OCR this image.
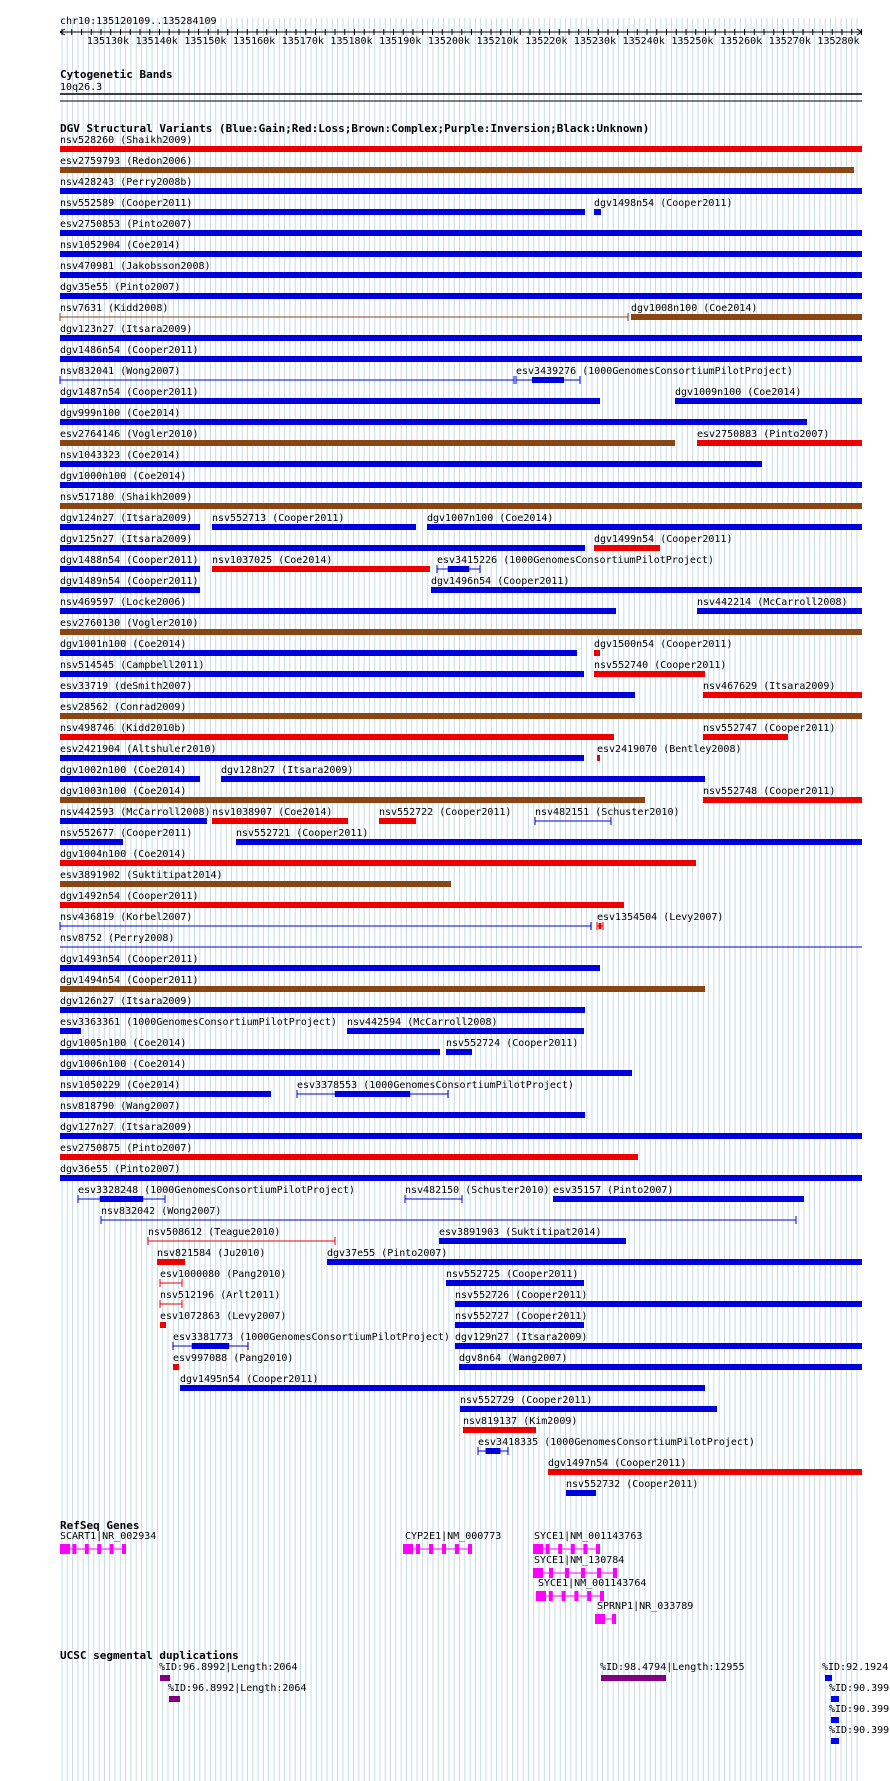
chr10:135120109..135284109
135130k 135140k 135150k 135160k 135170k 135180k 135190k 135200k 135210k 135220k 135230k 135240k 135250k 135260k 135270k 135280k
Cytogenetic Bands
10q26.3
DGV Structural Variants (Blue:Gain;Red:Loss;Brown:Complex;Purple:Inversion;Black:Unknown)
nsv528260 (Shaikh2009)
esv2759793 (Redon2006)
nsv428243 (Perry2008b)
nsv552589 (Cooper2011)	dgv1498n54 (Cooper2011)
esv2750853 (Pinto2007)
nsv1052904 (Coe2014)
nsv470981 (Jakobsson2008)
dgv35e55 (Pinto2007)
nsv7631 (Kidd2008)	dgv1008n100 (Coe2014)
dgv123n27 (Itsara2009)
dgv1486n54 (Cooper2011)
nsv832041 (Wong2007)	esv3439276 (1000GenomesConsortiumPilotProject)
dgv1487n54 (Cooper2011)	dgv1009n100 (Coe2014)
dgv999n100 (Coe2014)
esv2764146 (Vogler2010)	esv2750883 (Pinto2007)
nsv1043323 (Coe2014)
dgv1000n100 (Coe2014)
nsv517180 (Shaikh2009)
dgv124n27 (Itsara2009) nsv552713 (Cooper2011)	dgv1007n100 (Coe2014)
dgv125n27 (Itsara2009)	dgv1499n54 (Cooper2011)
dgv1488n54 (Cooper2011) nsv1037025 (Coe2014)	esv3415226 (1000GenomesConsortiumPilotProject)
dgv1489n54 (Cooper2011)	dgv1496n54 (Cooper2011)
nsv469597 (Locke2006)	nsv442214 (McCarroll2008)
esv2760130 (Vogler2010)
dgv1001n100 (Coe2014)	dgv1500n54 (Cooper2011)
nsv514545 (Campbell2011)	nsv552740 (Cooper2011)
esv33719 (deSmith2007)	nsv467629 (Itsara2009)
esv28562 (Conrad2009)
nsv498746 (Kidd2010b)	nsv552747 (Cooper2011)
esv2421904 (Altshuler2010)	esv2419070 (Bentley2008)
dgv1002n100 (Coe2014)	dgv128n27 (Itsara2009)
dgv1003n100 (Coe2014)	nsv552748 (Cooper2011)
nsv442593 (McCarroll2008) nsv1038907 (Coe2014)	nsv552722 (Cooper2011) nsv482151 (Schuster2010)
nsv552677 (Cooper2011)	nsv552721 (Cooper2011)
dgv1004n100 (Coe2014)
esv3891902 (Suktitipat2014)
dgv1492n54 (Cooper2011)
nsv436819 (Korbel2007)	esv1354504 (Levy2007)
nsv8752 (Perry2008)
dgv1493n54 (Cooper2011)
dgv1494n54 (Cooper2011)
dgv126n27 (Itsara2009)
esv3363361 (1000GenomesConsortiumPilotProject) nsv442594 (McCarroll2008)
dgv1005n100 (Coe2014)	nsv552724 (Cooper2011)
dgv1006n100 (Coe2014)
nsv1050229 (Coe2014)	esv3378553 (1000GenomesConsortiumPilotProject)
nsv818790 (Wang2007)
dgv127n27 (Itsara2009)
esv2750875 (Pinto2007)
dgv36e55 (Pinto2007)
esv3328248 (1000GenomesConsortiumPilotProject)	nsv482150 (Schuster2010) esv35157 (Pinto2007)
nsv832042 (Wong2007)
nsv508612 (Teague2010)	esv3891903 (Suktitipat2014)
nsv821584 (Ju2010)	dgv37e55 (Pinto2007)
esv1000080 (Pang2010)	nsv552725 (Cooper2011)
nsv512196 (Arlt2011)	nsv552726 (Cooper2011)
esv1072863 (Levy2007)	nsv552727 (Cooper2011)
esv3381773 (1000GenomesConsortiumPilotProject) dgv129n27 (Itsara2009)
esv997088 (Pang2010)	dgv8n64 (Wang2007)
dgv1495n54 (Cooper2011)
nsv552729 (Cooper2011)
nsv819137 (Kim2009)
esv3418335 (1000GenomesConsortiumPilotProject)
dgv1497n54 (Cooper2011)
nsv552732 (Cooper2011)
RefSeq Genes
SCART1|NR_002934	CYP2E1|NM_000773	SYCE1|NM_001143763
SYCE1|NM_130784
SYCE1|NM_001143764
SPRNP1|NR_033789
UCSC segmental duplications
%ID:96.8992|Length:2064
%ID:96.8992|Length:2064
%ID:98.4794|Length:12955	%ID:92.1924
%ID:90.399
%ID:90.399
%ID:90.399
